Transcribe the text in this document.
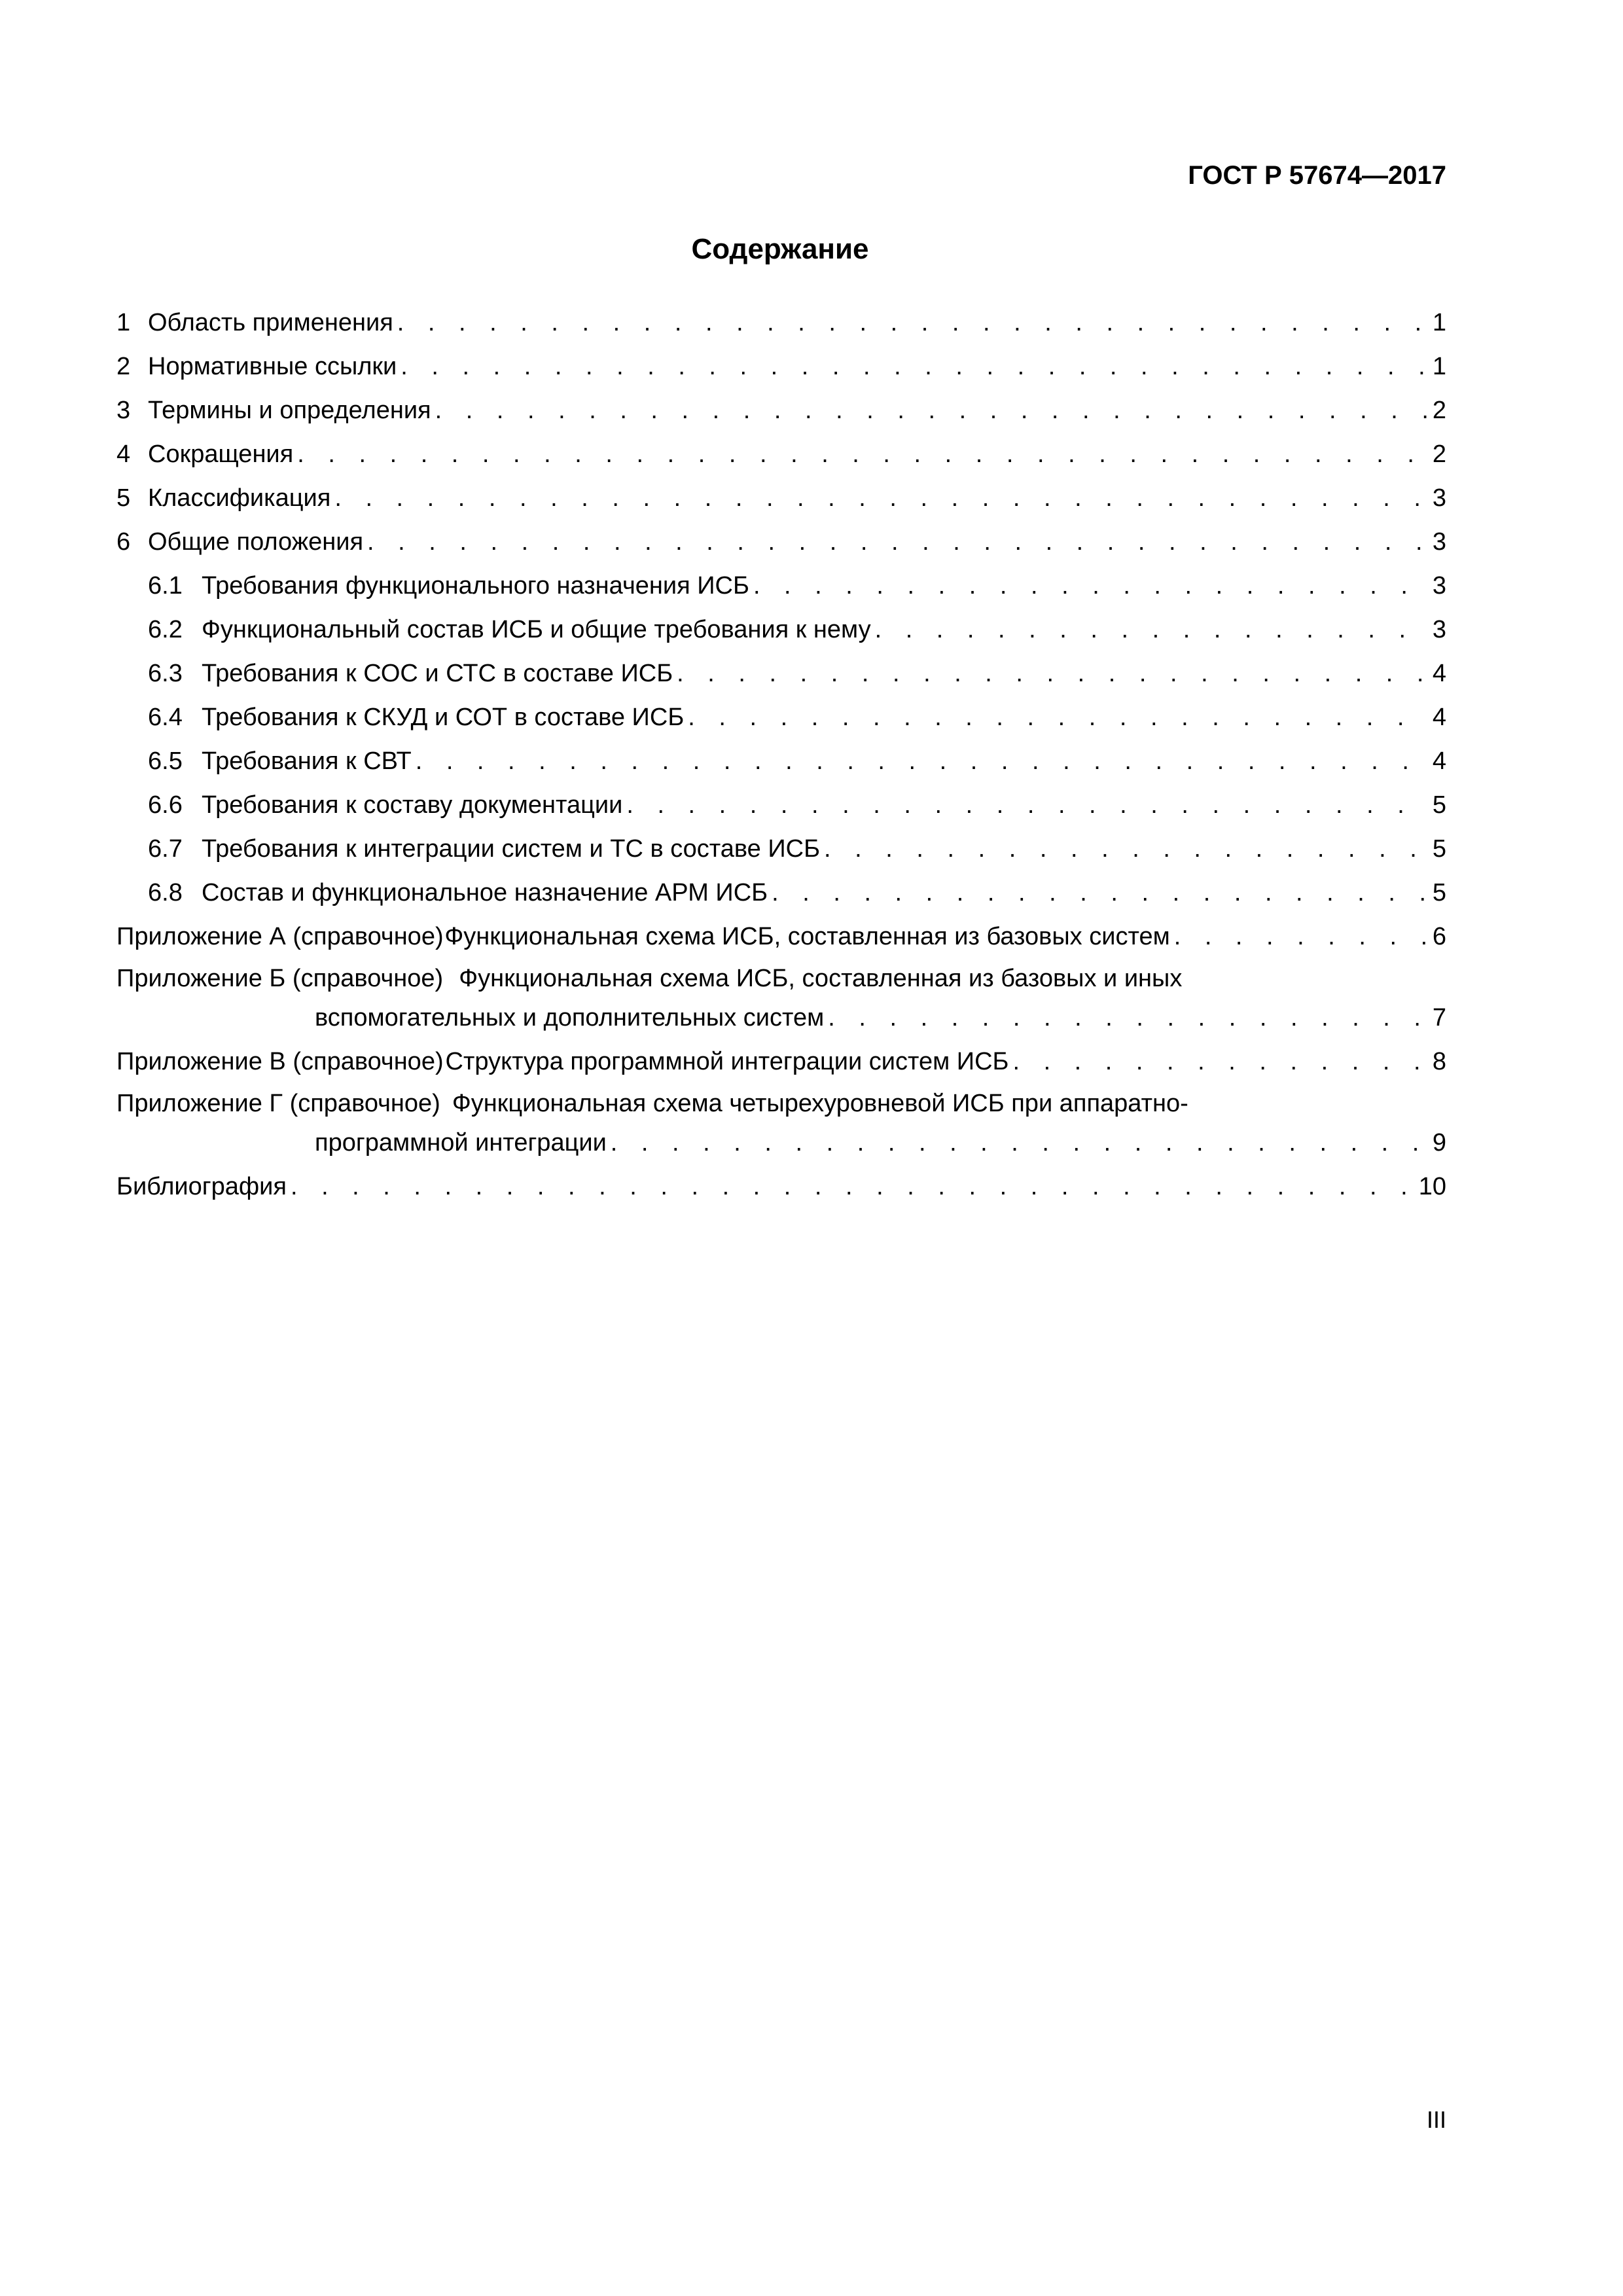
ГОСТ Р 57674—2017
Содержание
1 Область применения . . .	1
2 Нормативные ссылки . . .	1
3 Термины и определения . . .	2
4 Сокращения . . .	2
5 Классификация . . .	3
6 Общие положения . . .	3
6.1 Требования функционального назначения ИСБ . . .	3
6.2 Функциональный состав ИСБ и общие требования к нему . . .	3
6.3 Требования к СОС и СТС в составе ИСБ . . .	4
6.4 Требования к СКУД и СОТ в составе ИСБ . . .	4
6.5 Требования к СВТ . . .	4
6.6 Требования к составу документации . . .	5
6.7 Требования к интеграции систем и ТС в составе ИСБ . . .	5
6.8 Состав и функциональное назначение АРМ ИСБ . . .	5
Приложение А (справочное) Функциональная схема ИСБ, составленная из базовых систем . . .	6
Приложение Б (справочное) Функциональная схема ИСБ, составленная из базовых и иных
вспомогательных и дополнительных систем . . .	7
Приложение В (справочное) Структура программной интеграции систем ИСБ . . .	8
Приложение Г (справочное) Функциональная схема четырехуровневой ИСБ при аппаратно-
программной интеграции . . .	9
Библиография . . .	10
III
